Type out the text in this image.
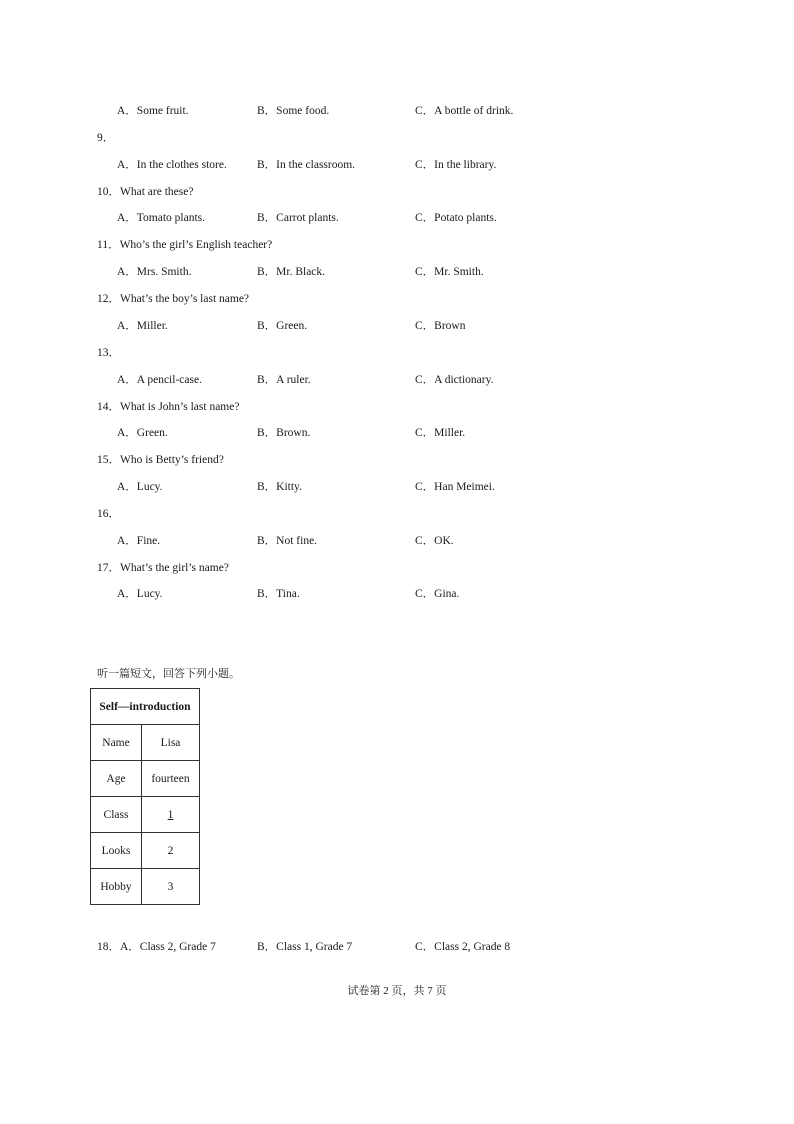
A．Some fruit.	B．Some food.	C．A bottle of drink.
9．
A．In the clothes store.	B．In the classroom.	C．In the library.
10．What are these?
A．Tomato plants.	B．Carrot plants.	C．Potato plants.
11．Who’s the girl’s English teacher?
A．Mrs. Smith.	B．Mr. Black.	C．Mr. Smith.
12．What’s the boy’s last name?
A．Miller.	B．Green.	C．Brown
13．
A．A pencil-case.	B．A ruler.	C．A dictionary.
14．What is John’s last name?
A．Green.	B．Brown.	C．Miller.
15．Who is Betty’s friend?
A．Lucy.	B．Kitty.	C．Han Meimei.
16．
A．Fine.	B．Not fine.	C．OK.
17．What’s the girl’s name?
A．Lucy.	B．Tina.	C．Gina.
听一篇短文，回答下列小题。
Self—introduction	
Name	Lisa
Age	fourteen
Class	1
Looks	2
Hobby	3
18．A．Class 2, Grade 7	B．Class 1, Grade 7	C．Class 2, Grade 8
试卷第 2 页，共 7 页
